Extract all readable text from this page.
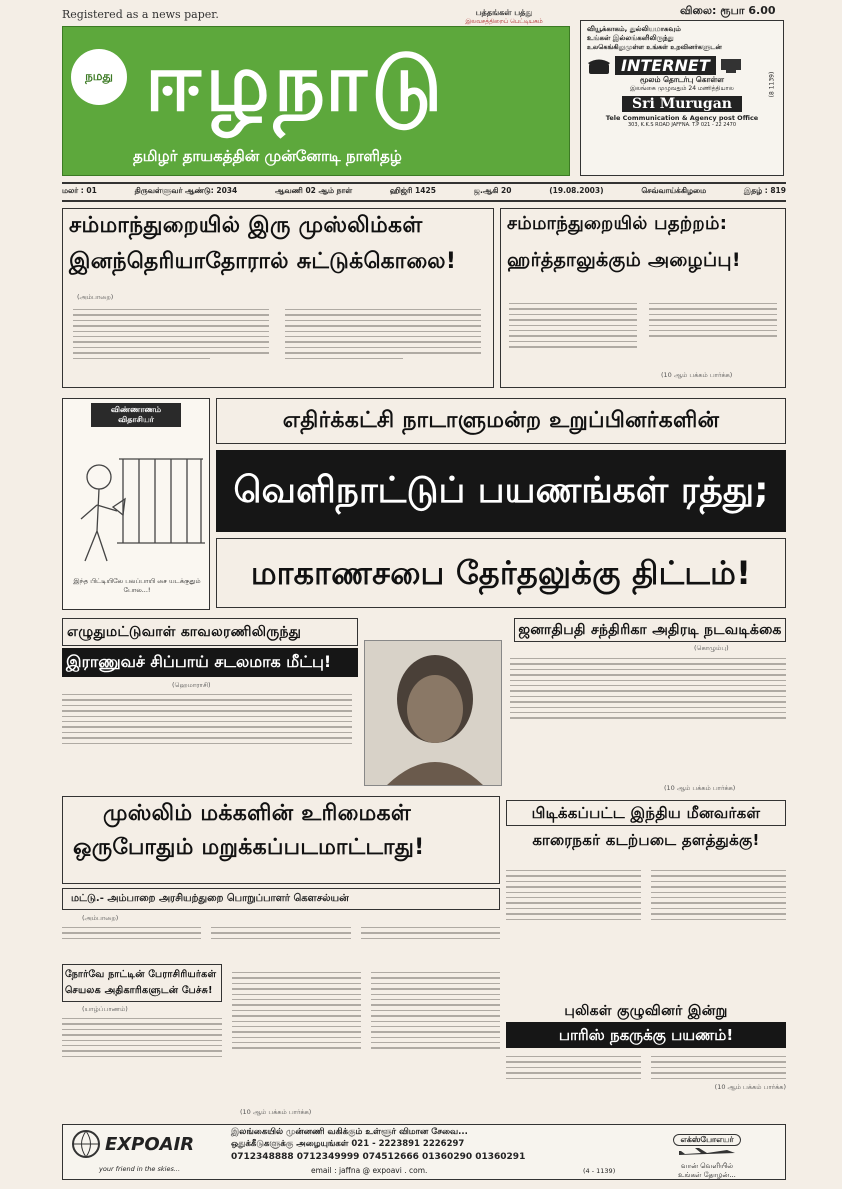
Registered as a news paper.	பத்தங்கள் பத்து
இலவசத்திறைப் பெட்டியகம்
விலை: ரூபா 6.00
நமது ஈழநாடு
தமிழர் தாயகத்தின் முன்னோடி நாளிதழ்
வியூக்காகம், துல்லியமாகவும்
உங்கள் இல்லங்களிலிருந்து
உலகெங்கிலுமுள்ள உங்கள் உறவினர்களுடன்
INTERNET
மூலம் தொடர்பு கொள்ள
இலங்கை முழுவதும் 24 மணித்தியால
Sri Murugan
Tele Communication & Agency post Office
303, K.K.S ROAD JAFFNA. T.P 021 - 22 2470
(8 1139)
மலர் : 01	திருவள்ளுவர் ஆண்டு: 2034	ஆவணி 02 ஆம் நாள்	ஹிஜ்ரி 1425	ஜ.ஆகி 20	(19.08.2003)	செவ்வாய்க்கிழமை	இதழ் : 819
சம்மாந்துறையில் இரு முஸ்லிம்கள்
இனந்தெரியாதோரால் சுட்டுக்கொலை!
(அம்பாறை)
சம்மாந்துறையில் பதற்றம்:
ஹர்த்தாலுக்கும் அழைப்பு!
(10 ஆம் பக்கம் பார்க்க)
விண்ணாணம்
விதாசியர்
இந்த பிட்டியிலே பலப்பாயி சை யடக்குதும் போல...!
எதிர்க்கட்சி நாடாளுமன்ற உறுப்பினர்களின்
வெளிநாட்டுப் பயணங்கள் ரத்து;
மாகாணசபை தேர்தலுக்கு திட்டம்!
எழுதுமட்டுவாள் காவலரணிலிருந்து
இராணுவச் சிப்பாய் சடலமாக மீட்பு!
(ஹெமாராசி)
ஜனாதிபதி சந்திரிகா அதிரடி நடவடிக்கை
(கொழும்பு)
(10 ஆம் பக்கம் பார்க்க)
முஸ்லிம் மக்களின் உரிமைகள்
ஒருபோதும் மறுக்கப்படமாட்டாது!
மட்டு.- அம்பாறை அரசியற்துறை பொறுப்பாளர் கௌசல்யன்
(அம்பாறை)
பிடிக்கப்பட்ட இந்திய மீனவர்கள்
காரைநகர் கடற்படை தளத்துக்கு!
நோர்வே நாட்டின் பேராசிரியர்கள்
செயலக அதிகாரிகளுடன் பேச்சு!
(யாழ்ப்பாணம்)
(10 ஆம் பக்கம் பார்க்க)
புலிகள் குழுவினர் இன்று
பாரிஸ் நகருக்கு பயணம்!
(10 ஆம் பக்கம் பார்க்க)
EXPOAIR
your friend in the skies...
இலங்கையில் முன்னணி வகிக்கும் உள்ளூர் விமான சேவை...
ஒதுக்கீடுகளுக்கு அழையுங்கள் 021 - 2223891 2226297
0712348888 0712349999 074512666 01360290 01360291
email : jaffna @ expoavi . com.
எக்ஸ்போஎயர்
வான் வெளியில்
உங்கள் தோழன்...
(4 - 1139)
